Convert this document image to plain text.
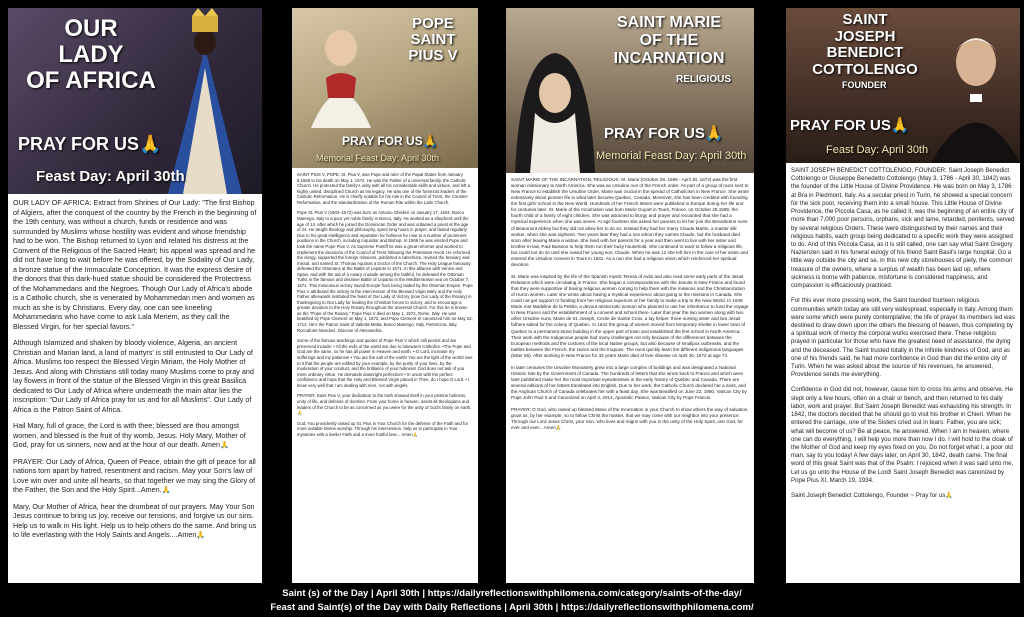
OUR
LADY
OF AFRICA
PRAY FOR US🙏
Feast Day: April 30th

OUR LADY OF AFRICA: Extract from Shrines of Our Lady: "The first Bishop of Algiers, after the conquest of the country by the French in the beginning of the 19th century, was without a church, funds or residence and was surrounded by Muslims whose hostility was evident and whose friendship had to be won. The Bishop returned to Lyon and related his distress at the Convent of the Religious of the Sacred Heart; his appeal was spread and he did not have long to wait before he was offered, by the Sodality of Our Lady, a bronze statue of the Immaculate Conception. It was the express desire of the donors that this dark-hued statue should be considered the Protectress of the Mohammedans and the Negroes. Though Our Lady of Africa's abode is a Catholic church, she is venerated by Mohammedan men and women as much as she is by Christians. Every day, one can see kneeling Mohammedans who have come to ask Lala Meriem, as they call the Blessed Virgin, for her special favors."

Although Islamized and shaken by bloody violence, Algeria, an ancient Christian and Marian land, a land of martyrs' is still entrusted to Our Lady of Africa. Muslims too respect the Blessed Virgin Miriam, the Holy Mother of Jesus. And along with Christians still today many Muslims come to pray and lay flowers in front of the statue of the Blessed Virgin in this great Basilica dedicated to Our Lady of Africa where underneath the main altar lies the inscription: "Our Lady of Africa pray for us and for all Muslims". Our Lady of Africa is the Patron Saint of Africa.

Hail Mary, full of grace, the Lord is with thee; blessed are thou amongst women, and blessed is the fruit of thy womb, Jesus. Holy Mary, Mother of God, pray for us sinners, now and at the hour of our death. Amen🙏

PRAYER: Our Lady of Africa, Queen of Peace, obtain the gift of peace for all nations torn apart by hatred, resentment and racism. May your Son's law of Love win over and unite all hearts, so that together we may sing the Glory of the Father, the Son and the Holy Spirit...Amen.🙏

Mary, Our Mother of Africa, hear the drumbeat of our prayers. May Your Son Jesus continue to bring us joy, receive our tensions, and forgive us our sins. Help us to walk in His light. Help us to help others do the same. And bring us to life everlasting with the Holy Saints and Angels....Amen🙏

POPE
SAINT
PIUS V
PRAY FOR US🙏
Memorial Feast Day: April 30th

SAINT PIUS V, POPE: St. Pius V, was Pope and ruler of the Papal States from January 8,1566 to his death on May 1, 1572. He was the Father of a universal family, the Catholic Church. He protected the family's unity with all his considerable skills and virtues, and left a highly united, disciplined Church as his legacy. He was one of the foremost leaders of the Catholic Reformation. He is chiefly notable for his role in the Council of Trent, the Counter-Reformation, and the standardization of the Roman Rite within the Latin Church.

Pope St. Pius V (1504–1572) was born as Antonio Ghislieri on January 17, 1504, Bosco Marengo, Italy to a poor yet noble family in Bosco, Italy. He worked as a shepherd until the age of 14, after which he joined the Dominican Order and was ordained a priest at the age of 24. He taught theology and philosophy, spent long hours in prayer, and fasted regularly. Due to his great intelligence and reputation for holiness he rose to a number of prominent positions in the Church, including Inquisitor and Bishop. In 1566 he was elected Pope and took the name Pope Pius V. As Supreme Pontiff he was a great reformer and worked to implement the decisions of the Council of Trent following the Protestant revolt. He reformed the clergy, supported the foreign missions, published a catechism, revised the breviary and missal, and named St. Thomas Aquinas a Doctor of the Church. The Holy League famously defeated the Ottomans at the Battle of Lepanto in 1571. In this alliance with Venice and Spain, and with the aid of a rosary crusade among the faithful, he defeated the Ottoman Turks in the famous and decisive Battle of Lepanto in the Mediterranean sea on October 7, 1571. This miraculous victory saved Europe from being raided by the Ottoman Empire. Pope Pius V attributed the victory to the intercession of the Blessed Virgin Mary and the Holy Father afterwards instituted the feast of Our Lady of Victory (now Our Lady of the Rosary) in thanksgiving to Our Lady for leading the Christian forces to victory, and to encourage a greater devotion to the Holy Rosary throughout the universal Church. For this he is known as the "Pope of the Rosary." Pope Pius V died on May 1, 1572, Rome, Italy. He was beatified by Pope Clement on May 1, 1672, and Pope Clement XI canonized him on May 22, 1712. He's the Patron Saint of Valletta-Malta, Bosco Marengo, Italy, Pietrelcina, Italy, Roccaforte Mondovì, Diocese of Alessandria.

Some of the famous teachings and quotes of Pope Pius V which still persist and are preserved include: • All the evils of the world are due to lukewarm Catholics. •The Pope and God are the same, so he has all power in Heaven and earth. • O Lord, increase my sufferings and my patience! • You are the salt of the earth! You are the light of the world! See to it that the people are edified by your example, by the purity of your lives, by the moderation of your conduct, and the brilliance of your holiness! God does not ask of you mere ordinary virtue. He demands downright perfection! • In union with the perfect confidence and hope that the Holy and Blessed Virgin placed in Thee, do I hope O Lord. • I know very well that I am dealing with men, not with angels.

PRAYER: Saint Pius V, your dedication to the truth showed itself in your pristine holiness, unity of life, and defense of doctrine. From your home in heaven, assist all theologians and leaders of the Church to be as concerned as you were for the unity of God's family on earth.🙏

God, You providently raised up St. Pius in Your Church for the defense of the Faith and for more suitable Divine worship. Through his intercession, help us to participate in Your mysteries with a livelier Faith and a more fruitful love... Amen🙏

SAINT MARIE
OF THE
INCARNATION
RELIGIOUS
PRAY FOR US🙏
Memorial Feast Day: April 30th

SAINT MARIE OF THE INCARNATION, RELIGIOUS: St. Marie (October 28, 1599 - April 30, 1672) was the first woman missionary to North America. She was an Ursuline nun of the French order. As part of a group of nuns sent to New France to establish the Ursuline Order, Marie was crucial in the spread of Catholicism in New France. She wrote extensively about pioneer life in what later became Quebec, Canada. Moreover, she has been credited with founding the first girls' school in the New World. Hundreds of her French letters were published in Europe during her life and for centuries later. St. Marie of the Incarnation was born Marie Guyart in Tours, France, on October 28,1599, the fourth child of a family of eight children. She was attracted to liturgy and prayer and recounted that she had a mystical experience when she was seven. At age fourteen she asked her parents to let her join the Benedictine nuns of Beaumont Abbey but they did not allow her to do so. Instead they had her marry Claude Martin, a master silk worker, when she was eighteen. Two years later they had a son whom they names Claude, but the husband died soon after leaving Marie a widow. She lived with her parents for a year and then went to live with her sister and brother-in-law, Paul Buisson to help them run their busy household. She continued to want to follow a religious life, but could not do so until she raised her young son, Claude. When he was 12 she left him in the care of her sister and entered the Ursuline convent in Tours in 1631. As a nun she had a religious vision which reinforced her spiritual devotion.

St. Marie was inspired by the life of the Spanish mystic Teresa of Avila and also read some early parts of the Jesuit Relations which were circulating in France. She began a correspondence with the Jesuits in New France and found that they were supportive of having religious women coming to help them with the missions and the Christianization of Huron women. Later she wrote about having a mystical experience about going to the missions in Canada. She could not get support or funding from her religious superiors or her family to make a trip to the New World. In 1639 Marie met Madeline de la Peltrie, a devout aristocratic woman who planned to use her inheritance to fund the voyage to New France and the establishment of a convent and school there. Later that year the two women along with two other Ursuline nuns, Marie de St. Joseph, Cecile de Sainte Croix, a lay helper, three nursing sister and two Jesuit fathers sailed for the colony of Quebec. In 1642 the group of women moved from temporary shelter in lower town of Quebec to a permanent stone building in the upper part of town and established the first school in North America. Their work with the Indigenous people had many challenges not only because of the differences between the European methods and the customs of the local Native groups, but also because of smallpox outbreaks, and the battles between the French, the Huron and the Iroquois. The nuns quickly learn the different Indigenous languages (letter 56). After working in New France for 33 years Marie died of liver disease on April 30, 1672 at age 72.

In later centuries the Ursuline Monastery grew into a large complex of buildings and was designated a National Historic Site by the Government of Canada. The hundreds of letters that she wrote back to France and which were later published make her the most important eyewitnesses in the early history of Quebec and Canada. There are several editions of her letters translated into English. Due to her work, the Catholic Church declared her a saint, and the Anglican Church of Canada celebrates her with a feast day. She was Beatified on June 22, 1980, Vatican City by Pope John Paul II and Canonized on April 3, 2014, Apostolic Palace, Vatican City by Pope Francis.

PRAYER: O God, who raised up blessed Marie of the Incarnation in your Church to show others the way of salvation, grant us, by her example, so to follow Christ the master, that we may come with our neighbor into your presence. Through our Lord Jesus Christ, your Son, who lives and reigns with you in the unity of the Holy Spirit, one God, for ever and ever... Amen🙏

SAINT
JOSEPH
BENEDICT
COTTOLENGO
FOUNDER
PRAY FOR US🙏
Feast Day: April 30th

SAINT JOSEPH BENEDICT COTTOLENGO, FOUNDER: Saint Joseph Benedict Cottolengo or Giuseppe Benedetto Cottolengo (May 3, 1786 - April 30, 1842) was the founder of the Little House of Divine Providence. He was born on May 3, 1786 at Bra in Piedmont, Italy. As a secular priest in Turin, he showed a special concern for the sick poor, receiving them into a small house. This Little House of Divine Providence, the Piccola Casa, as he called it, was the beginning of an entire city of more than 7,000 poor persons, orphans, sick and lame, retarded, penitents, served by several religious Orders. These were distinguished by their names and their religious habits, each group being dedicated to a specific work they were assigned to do. And of this Piccola Casa, as it is still called, one can say what Saint Gregory Nazienzen said in his funeral eulogy of his friend Saint Basil's large hospital: Go a little way outside the city and se, in this new city storehouses of piety, the common treasure of the owners, where a surplus of wealth has been laid up, where sickness is borne with patience, misfortune is considered happiness, and compassion is efficaciously practiced.

For this ever more pressing work, the Saint founded fourteen religious communities which today are still very widespread, especially in Italy. Among them were some which were purely contemplative; the life of prayer its members led was destined to draw down upon the others the blessing of heaven, thus completing by a spiritual work of mercy the corporal works exercised there. These religious prayed in particular for those who have the greatest need of assistance, the dying and the deceased. The Saint trusted totally in the infinite kindness of God, and as one of his friends said, he had more confidence in God than did the entire city of Turin. When he was asked about the source of his revenues, he answered, Providence sends me everything.

Confidence in God did not, however, cause him to cross his arms and observe. He slept only a few hours, often on a chair or bench, and then returned to his daily labor, work and prayer. But Saint Joseph Benedict was exhausting his strength. In 1842, the doctors decided that he should go to visit his brother in Chieri. When he entered the carriage, one of the Sisters cried out in tears: Father, you are sick; what will become of us? Be at peace, he answered. When I am in heaven, where one can do everything, I will help you more than now I do. I will hold to the cloak of the Mother of God and keep my eyes fixed on you. Do not forget what I, a poor old man, say to you today! A few days later, on April 30, 1842, death came. The final word of this great Saint was that of the Psalm: I rejoiced when it was said unto me, Let us go unto the House of the Lord! Saint Joseph Benedict was canonized by Pope Pius XI, March 19, 1934.

Saint Joseph Benedict Cottolengo, Founder ~ Pray for us🙏

Saint (s) of the Day | April 30th | https://dailyreflectionswithphilomena.com/category/saints-of-the-day/
Feast and Saint(s) of the Day with Daily Reflections | April 30th | https://dailyreflectionswithphilomena.com/
